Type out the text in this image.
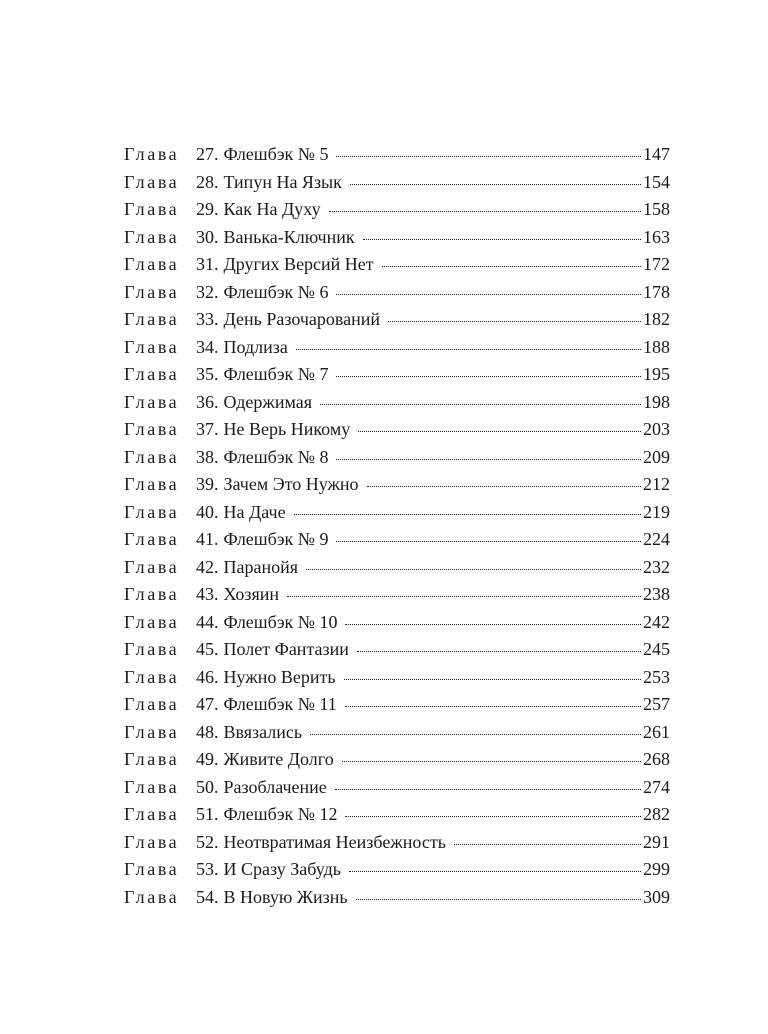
Глава 27 . Флешбэк № 5	147
Глава 28 . Типун На Язык	154
Глава 29 . Как На Духу	158
Глава 30 . Ванька-Ключник	163
Глава 31 . Других Версий Нет	172
Глава 32 . Флешбэк № 6	178
Глава 33 . День Разочарований	182
Глава 34 . Подлиза	188
Глава 35 . Флешбэк № 7	195
Глава 36 . Одержимая	198
Глава 37 . Не Верь Никому	203
Глава 38 . Флешбэк № 8	209
Глава 39 . Зачем Это Нужно	212
Глава 40 . На Даче	219
Глава 41 . Флешбэк № 9	224
Глава 42 . Паранойя	232
Глава 43 . Хозяин	238
Глава 44 . Флешбэк № 10	242
Глава 45 . Полет Фантазии	245
Глава 46 . Нужно Верить	253
Глава 47 . Флешбэк № 11	257
Глава 48 . Ввязались	261
Глава 49 . Живите Долго	268
Глава 50 . Разоблачение	274
Глава 51 . Флешбэк № 12	282
Глава 52 . Неотвратимая Неизбежность	291
Глава 53 . И Сразу Забудь	299
Глава 54 . В Новую Жизнь	309
